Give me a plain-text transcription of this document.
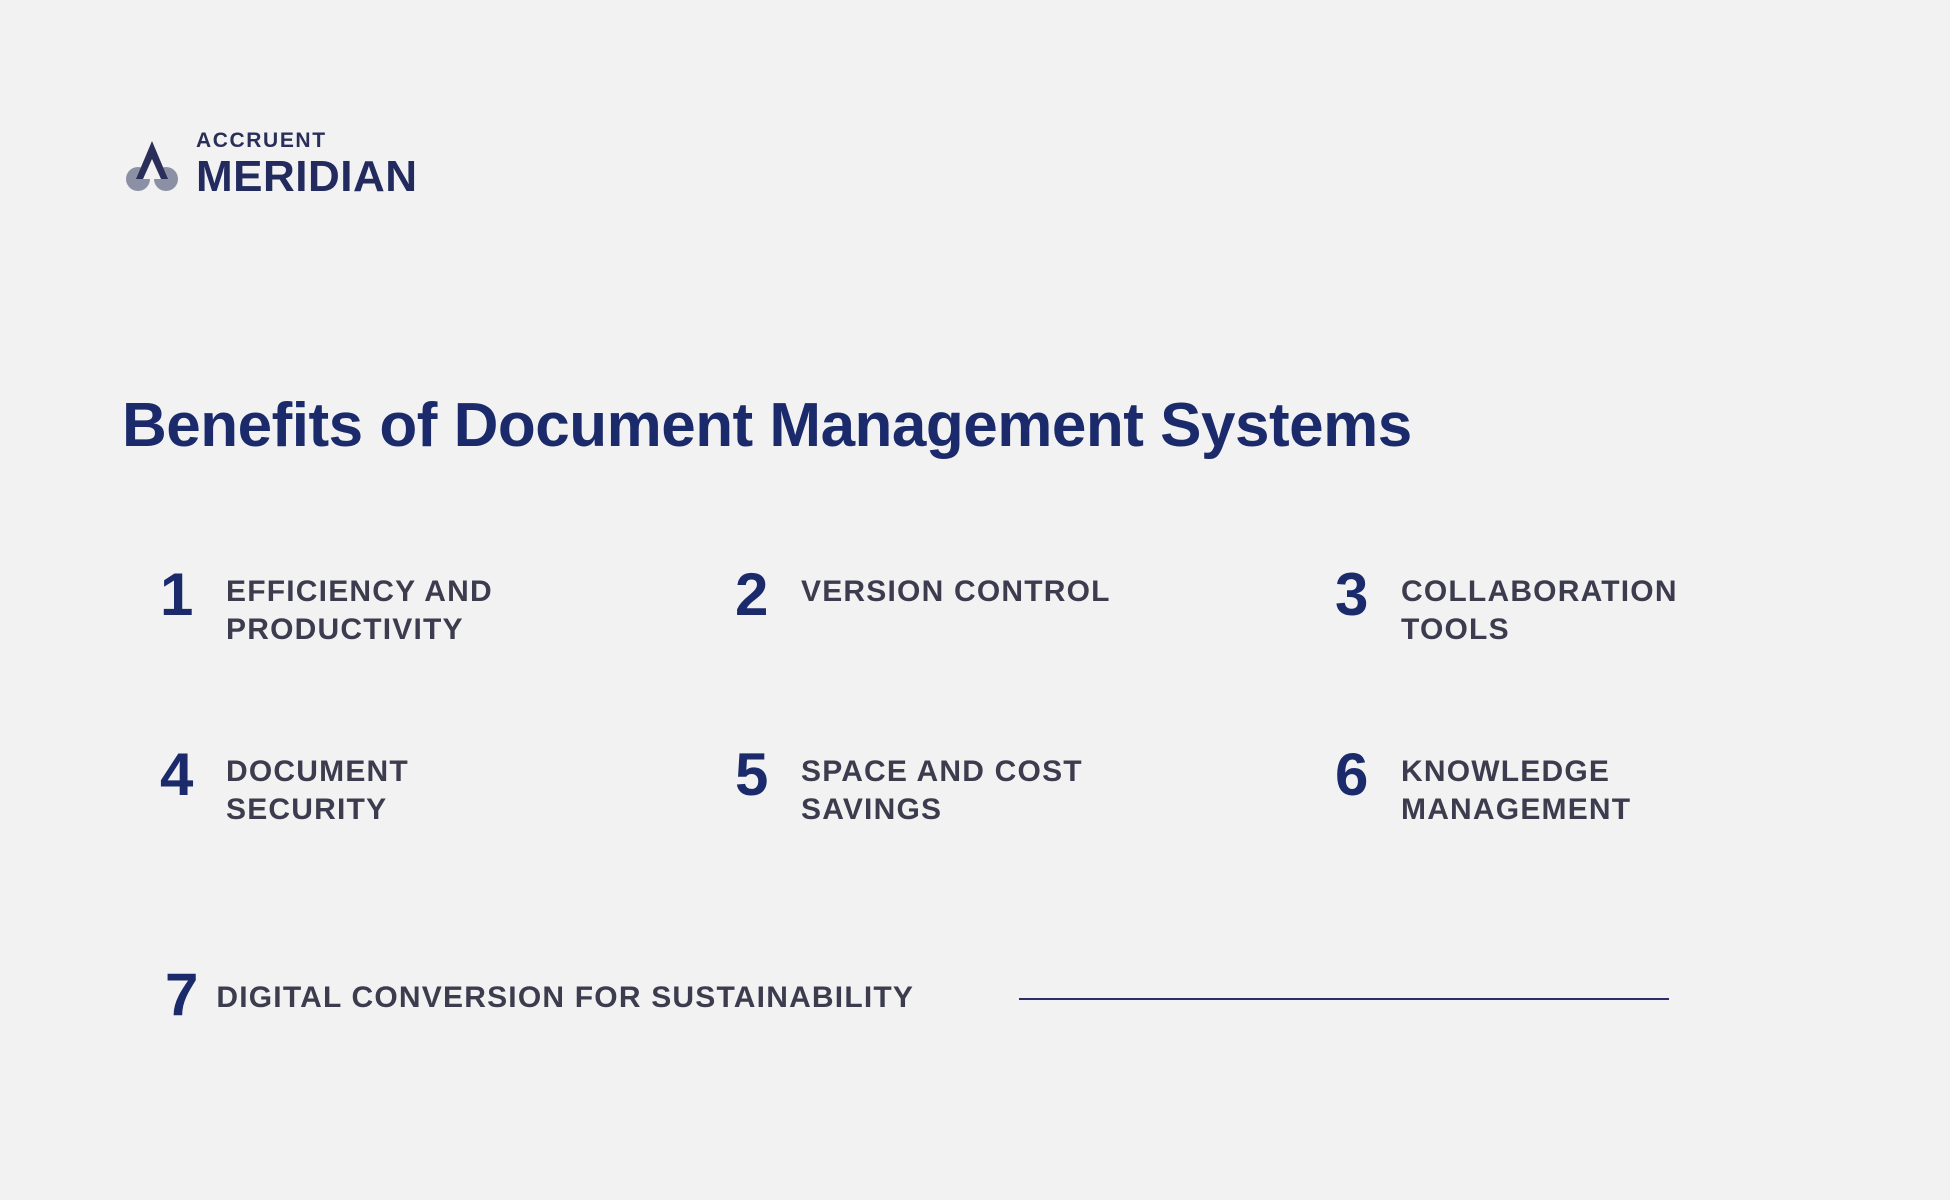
ACCRUENT
MERIDIAN
Benefits of Document Management Systems
1	EFFICIENCY AND PRODUCTIVITY
2	VERSION CONTROL	3	COLLABORATION TOOLS
4	DOCUMENT SECURITY
5	SPACE AND COST SAVINGS
6	KNOWLEDGE MANAGEMENT
7 DIGITAL CONVERSION FOR SUSTAINABILITY
